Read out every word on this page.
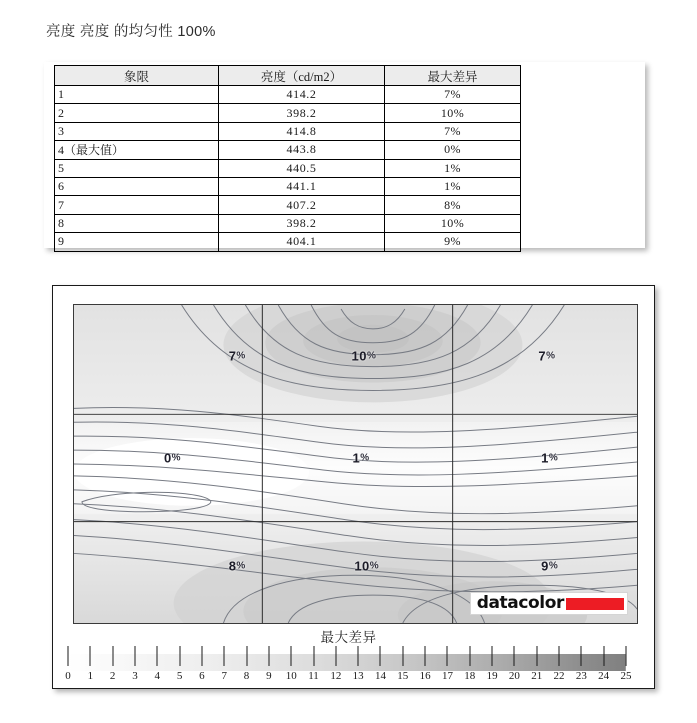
亮度 亮度 的均匀性 100%
象限	亮度（cd/m2）	最大差异
1	414.2	7%
2	398.2	10%
3	414.8	7%
4（最大值）	443.8	0%
5	440.5	1%
6	441.1	1%
7	407.2	8%
8	398.2	10%
9	404.1	9%
7%	10%	7%
0%	1%	1%
8%	10%	9%
datacolor
最大差异
0 1 2 3 4 5 6 7 8 9 10 11 12 13 14 15 16 17 18 19 20 21 22 23 24 25
